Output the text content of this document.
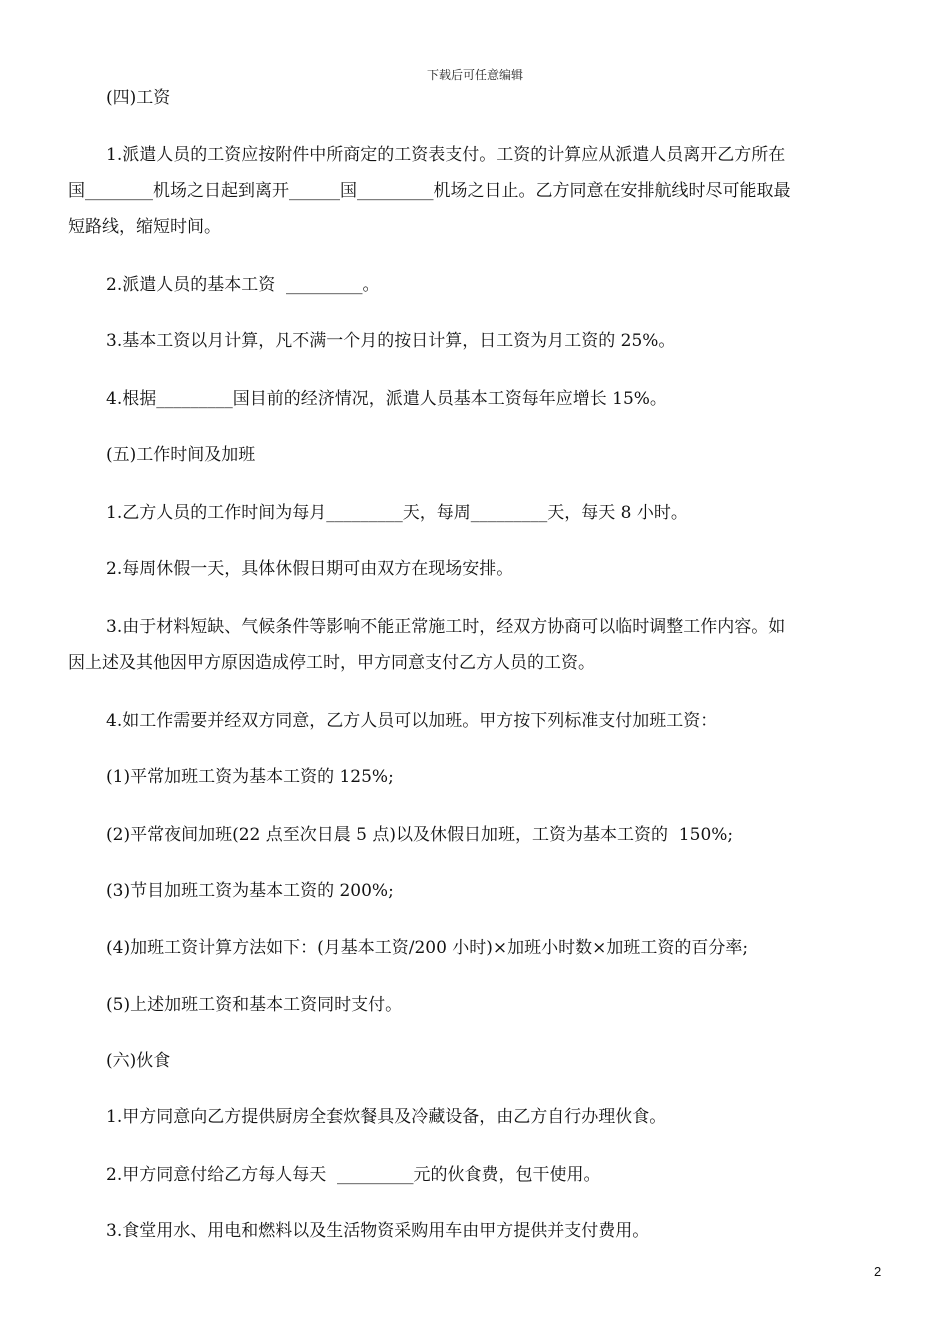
下载后可任意编辑
(四)工资
1.派遣人员的工资应按附件中所商定的工资表支付。工资的计算应从派遣人员离开乙方所在
国________机场之日起到离开______国_________机场之日止。乙方同意在安排航线时尽可能取最
短路线，缩短时间。
2.派遣人员的基本工资  _________。
3.基本工资以月计算，凡不满一个月的按日计算，日工资为月工资的 25%。
4.根据_________国目前的经济情况，派遣人员基本工资每年应增长 15%。
(五)工作时间及加班
1.乙方人员的工作时间为每月_________天，每周_________天，每天 8 小时。
2.每周休假一天，具体休假日期可由双方在现场安排。
3.由于材料短缺、气候条件等影响不能正常施工时，经双方协商可以临时调整工作内容。如
因上述及其他因甲方原因造成停工时，甲方同意支付乙方人员的工资。
4.如工作需要并经双方同意，乙方人员可以加班。甲方按下列标准支付加班工资：
(1)平常加班工资为基本工资的 125%;
(2)平常夜间加班(22 点至次日晨 5 点)以及休假日加班，工资为基本工资的  150%;
(3)节目加班工资为基本工资的 200%;
(4)加班工资计算方法如下：(月基本工资/200 小时)×加班小时数×加班工资的百分率;
(5)上述加班工资和基本工资同时支付。
(六)伙食
1.甲方同意向乙方提供厨房全套炊餐具及冷藏设备，由乙方自行办理伙食。
2.甲方同意付给乙方每人每天  _________元的伙食费，包干使用。
3.食堂用水、用电和燃料以及生活物资采购用车由甲方提供并支付费用。
2
